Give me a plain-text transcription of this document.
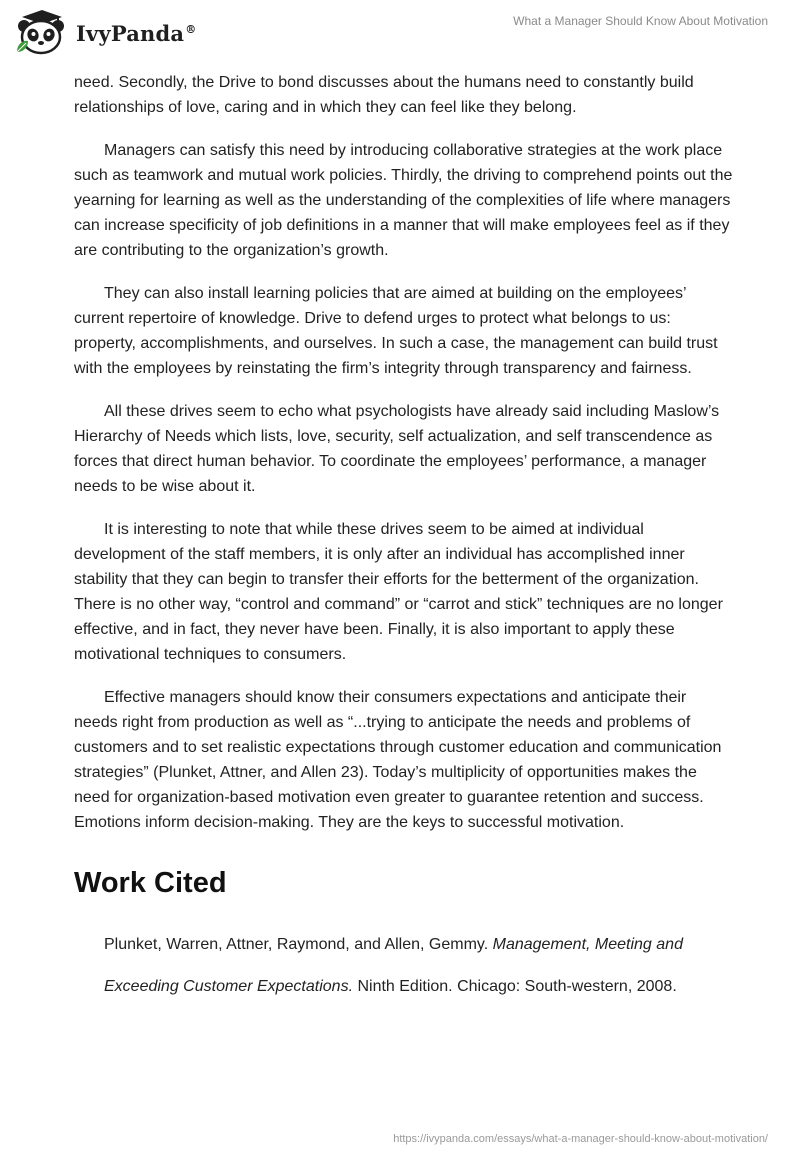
IvyPanda®
What a Manager Should Know About Motivation

need. Secondly, the Drive to bond discusses about the humans need to constantly build relationships of love, caring and in which they can feel like they belong.

Managers can satisfy this need by introducing collaborative strategies at the work place such as teamwork and mutual work policies. Thirdly, the driving to comprehend points out the yearning for learning as well as the understanding of the complexities of life where managers can increase specificity of job definitions in a manner that will make employees feel as if they are contributing to the organization’s growth.

They can also install learning policies that are aimed at building on the employees’ current repertoire of knowledge. Drive to defend urges to protect what belongs to us: property, accomplishments, and ourselves. In such a case, the management can build trust with the employees by reinstating the firm’s integrity through transparency and fairness.

All these drives seem to echo what psychologists have already said including Maslow’s Hierarchy of Needs which lists, love, security, self actualization, and self transcendence as forces that direct human behavior. To coordinate the employees’ performance, a manager needs to be wise about it.

It is interesting to note that while these drives seem to be aimed at individual development of the staff members, it is only after an individual has accomplished inner stability that they can begin to transfer their efforts for the betterment of the organization. There is no other way, “control and command” or “carrot and stick” techniques are no longer effective, and in fact, they never have been. Finally, it is also important to apply these motivational techniques to consumers.

Effective managers should know their consumers expectations and anticipate their needs right from production as well as “...trying to anticipate the needs and problems of customers and to set realistic expectations through customer education and communication strategies” (Plunket, Attner, and Allen 23). Today’s multiplicity of opportunities makes the need for organization-based motivation even greater to guarantee retention and success. Emotions inform decision-making. They are the keys to successful motivation.

Work Cited

Plunket, Warren, Attner, Raymond, and Allen, Gemmy. Management, Meeting and

Exceeding Customer Expectations. Ninth Edition. Chicago: South-western, 2008.

https://ivypanda.com/essays/what-a-manager-should-know-about-motivation/
